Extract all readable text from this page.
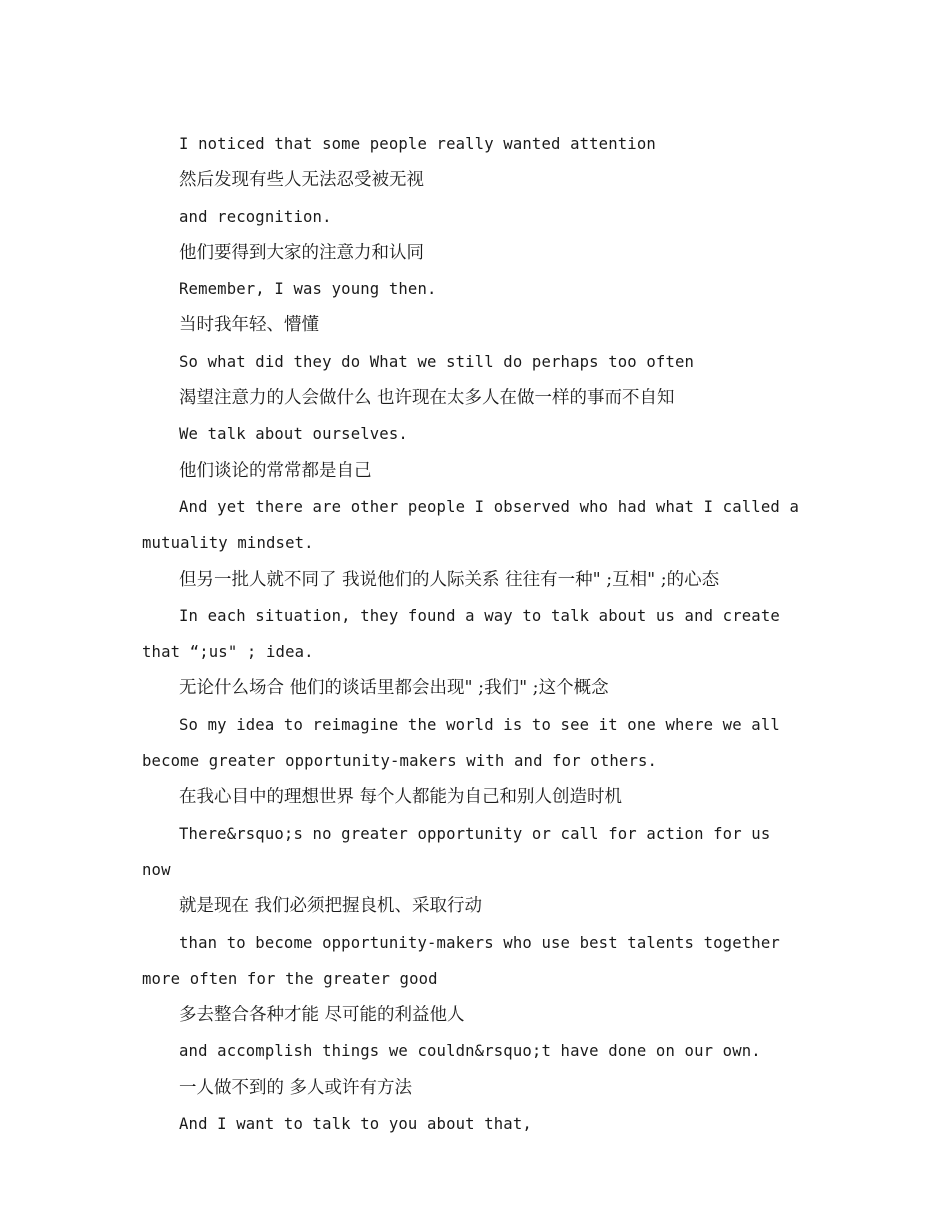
I noticed that some people really wanted attention

然后发现有些人无法忍受被无视

and recognition.

他们要得到大家的注意力和认同

Remember, I was young then.

当时我年轻、懵懂

So what did they do What we still do perhaps too often

渴望注意力的人会做什么 也许现在太多人在做一样的事而不自知

We talk about ourselves.

他们谈论的常常都是自己

And yet there are other people I observed who had what I called a mutuality mindset.

但另一批人就不同了 我说他们的人际关系 往往有一种" ;互相" ;的心态

In each situation, they found a way to talk about us and create that “;us" ; idea.

无论什么场合 他们的谈话里都会出现" ;我们" ;这个概念

So my idea to reimagine the world is to see it one where we all become greater opportunity-makers with and for others.

在我心目中的理想世界 每个人都能为自己和别人创造时机

There&rsquo;s no greater opportunity or call for action for us now

就是现在 我们必须把握良机、采取行动

than to become opportunity-makers who use best talents together more often for the greater good

多去整合各种才能 尽可能的利益他人

and accomplish things we couldn&rsquo;t have done on our own.

一人做不到的 多人或许有方法

And I want to talk to you about that,
